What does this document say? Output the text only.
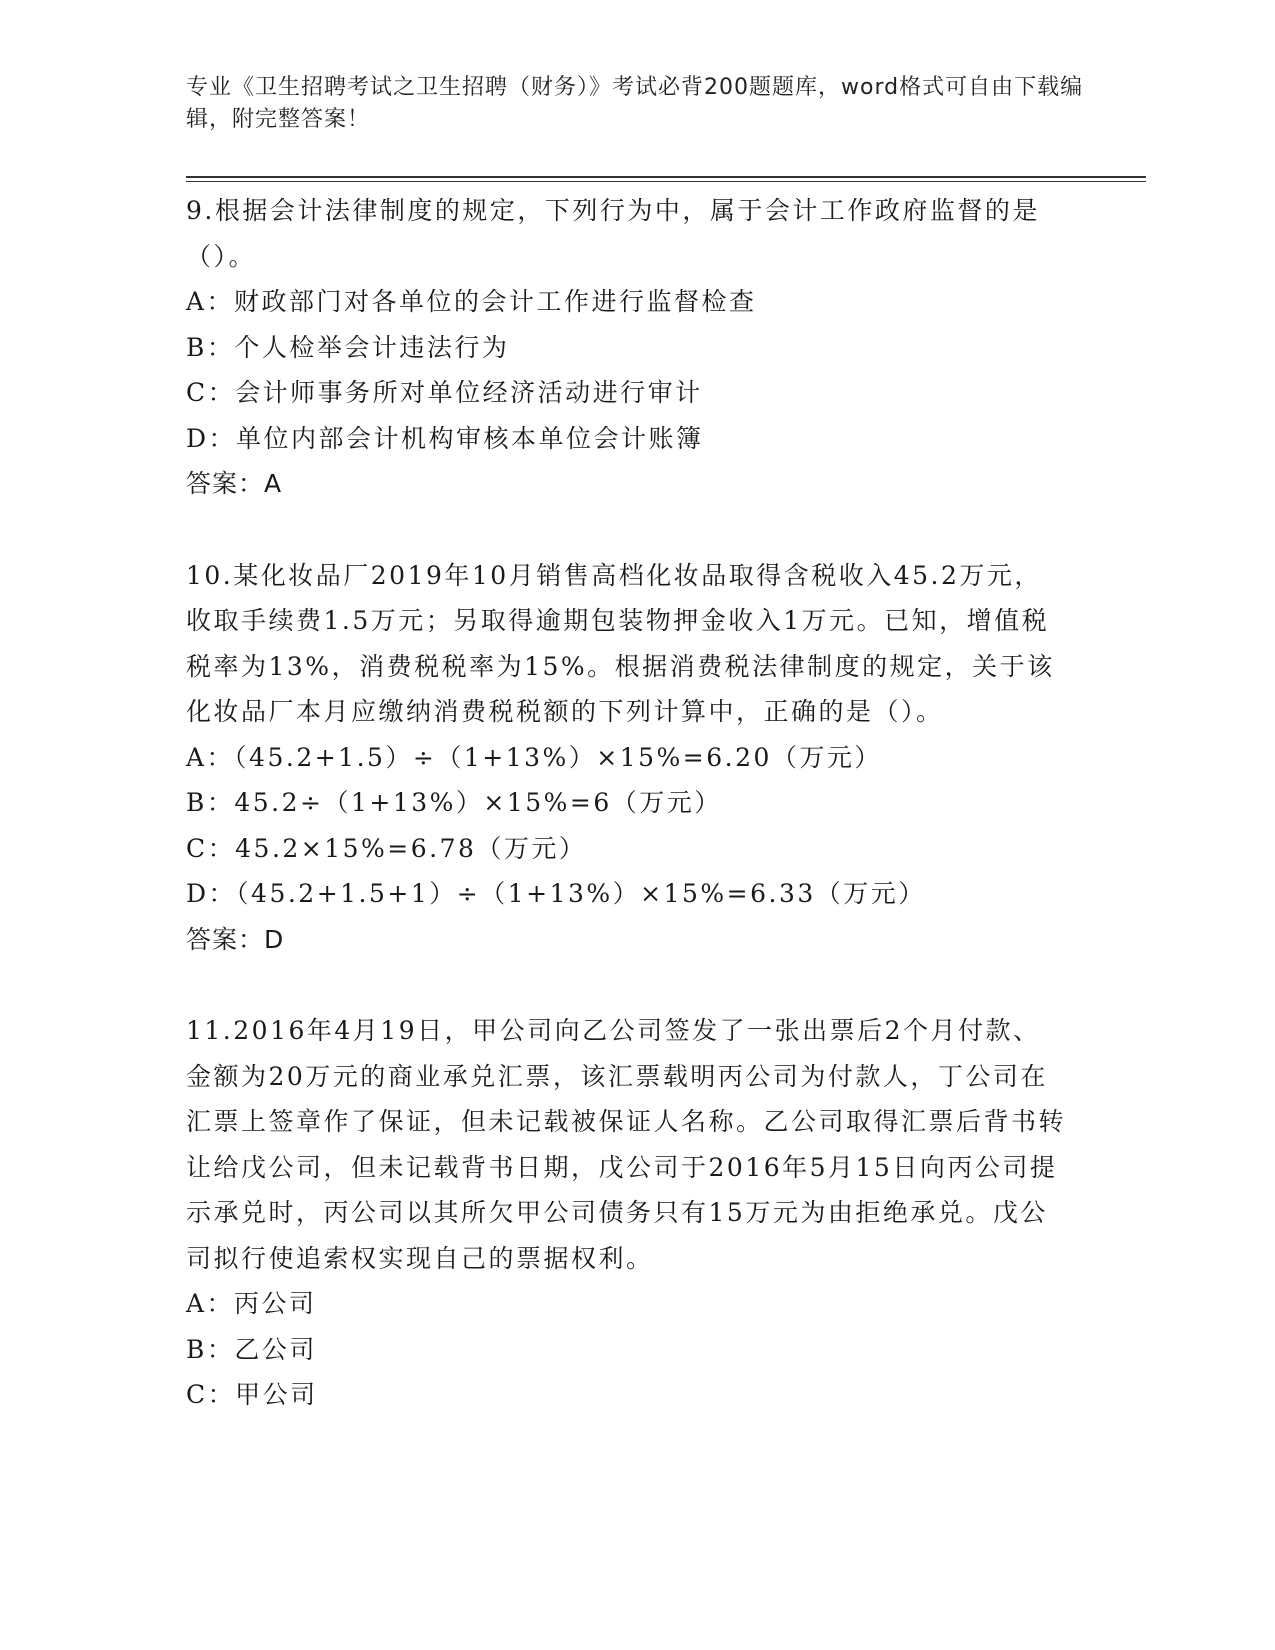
专业《卫生招聘考试之卫生招聘（财务）》考试必背200题题库，word格式可自由下载编辑，附完整答案！

9.根据会计法律制度的规定，下列行为中，属于会计工作政府监督的是（）。

A：财政部门对各单位的会计工作进行监督检查

B：个人检举会计违法行为

C：会计师事务所对单位经济活动进行审计

D：单位内部会计机构审核本单位会计账簿

答案：A

10.某化妆品厂2019年10月销售高档化妆品取得含税收入45.2万元，收取手续费1.5万元；另取得逾期包装物押金收入1万元。已知，增值税税率为13%，消费税税率为15%。根据消费税法律制度的规定，关于该化妆品厂本月应缴纳消费税税额的下列计算中，正确的是（）。

A：（45.2+1.5）÷（1+13%）×15%=6.20（万元）

B：45.2÷（1+13%）×15%=6（万元）

C：45.2×15%=6.78（万元）

D：（45.2+1.5+1）÷（1+13%）×15%=6.33（万元）

答案：D

11.2016年4月19日，甲公司向乙公司签发了一张出票后2个月付款、金额为20万元的商业承兑汇票，该汇票载明丙公司为付款人，丁公司在汇票上签章作了保证，但未记载被保证人名称。乙公司取得汇票后背书转让给戊公司，但未记载背书日期，戊公司于2016年5月15日向丙公司提示承兑时，丙公司以其所欠甲公司债务只有15万元为由拒绝承兑。戊公司拟行使追索权实现自己的票据权利。

A：丙公司

B：乙公司

C：甲公司
